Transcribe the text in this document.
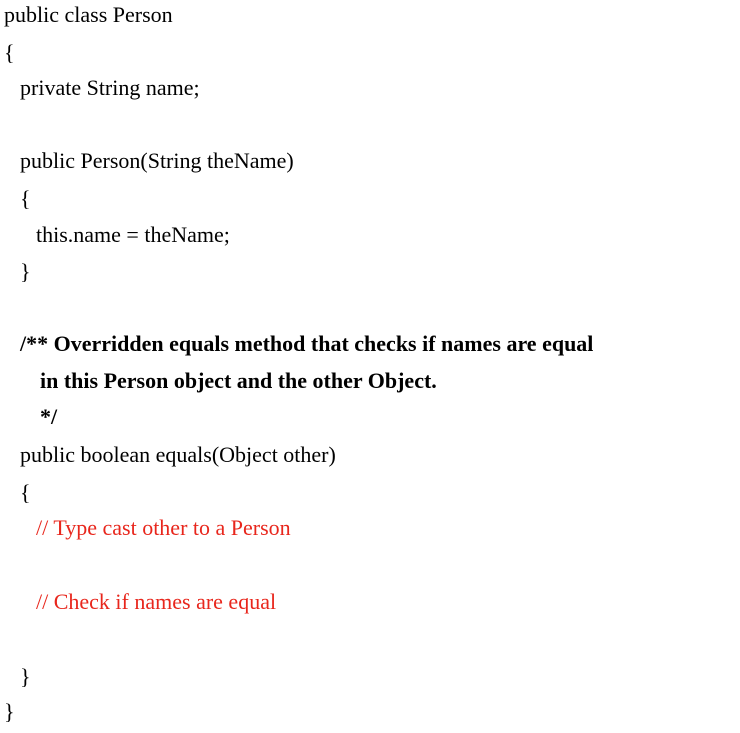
public class Person
{
private String name;
public Person(String theName)
{
this.name = theName;
}
/** Overridden equals method that checks if names are equal
in this Person object and the other Object.
*/
public boolean equals(Object other)
{
// Type cast other to a Person
// Check if names are equal
}
}
